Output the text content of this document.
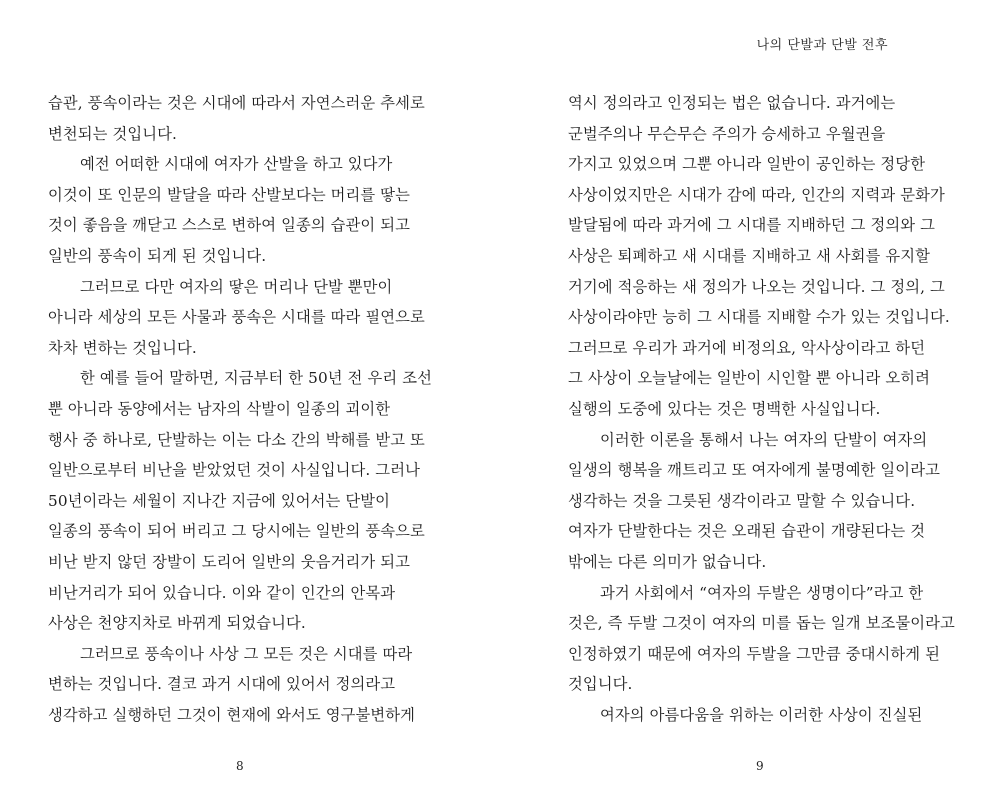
습관, 풍속이라는 것은 시대에 따라서 자연스러운 추세로
변천되는 것입니다.
예전 어떠한 시대에 여자가 산발을 하고 있다가
이것이 또 인문의 발달을 따라 산발보다는 머리를 땋는
것이 좋음을 깨닫고 스스로 변하여 일종의 습관이 되고
일반의 풍속이 되게 된 것입니다.
그러므로 다만 여자의 땋은 머리나 단발 뿐만이
아니라 세상의 모든 사물과 풍속은 시대를 따라 필연으로
차차 변하는 것입니다.
한 예를 들어 말하면, 지금부터 한 50년 전 우리 조선
뿐 아니라 동양에서는 남자의 삭발이 일종의 괴이한
행사 중 하나로, 단발하는 이는 다소 간의 박해를 받고 또
일반으로부터 비난을 받았었던 것이 사실입니다. 그러나
50년이라는 세월이 지나간 지금에 있어서는 단발이
일종의 풍속이 되어 버리고 그 당시에는 일반의 풍속으로
비난 받지 않던 장발이 도리어 일반의 웃음거리가 되고
비난거리가 되어 있습니다. 이와 같이 인간의 안목과
사상은 천양지차로 바뀌게 되었습니다.
그러므로 풍속이나 사상 그 모든 것은 시대를 따라
변하는 것입니다. 결코 과거 시대에 있어서 정의라고
생각하고 실행하던 그것이 현재에 와서도 영구불변하게
8
나의 단발과 단발 전후
역시 정의라고 인정되는 법은 없습니다. 과거에는
군벌주의나 무슨무슨 주의가 승세하고 우월권을
가지고 있었으며 그뿐 아니라 일반이 공인하는 정당한
사상이었지만은 시대가 감에 따라, 인간의 지력과 문화가
발달됨에 따라 과거에 그 시대를 지배하던 그 정의와 그
사상은 퇴폐하고 새 시대를 지배하고 새 사회를 유지할
거기에 적응하는 새 정의가 나오는 것입니다. 그 정의, 그
사상이라야만 능히 그 시대를 지배할 수가 있는 것입니다.
그러므로 우리가 과거에 비정의요, 악사상이라고 하던
그 사상이 오늘날에는 일반이 시인할 뿐 아니라 오히려
실행의 도중에 있다는 것은 명백한 사실입니다.
이러한 이론을 통해서 나는 여자의 단발이 여자의
일생의 행복을 깨트리고 또 여자에게 불명예한 일이라고
생각하는 것을 그릇된 생각이라고 말할 수 있습니다.
여자가 단발한다는 것은 오래된 습관이 개량된다는 것
밖에는 다른 의미가 없습니다.
과거 사회에서 “여자의 두발은 생명이다”라고 한
것은, 즉 두발 그것이 여자의 미를 돕는 일개 보조물이라고
인정하였기 때문에 여자의 두발을 그만큼 중대시하게 된
것입니다.
여자의 아름다움을 위하는 이러한 사상이 진실된
9
